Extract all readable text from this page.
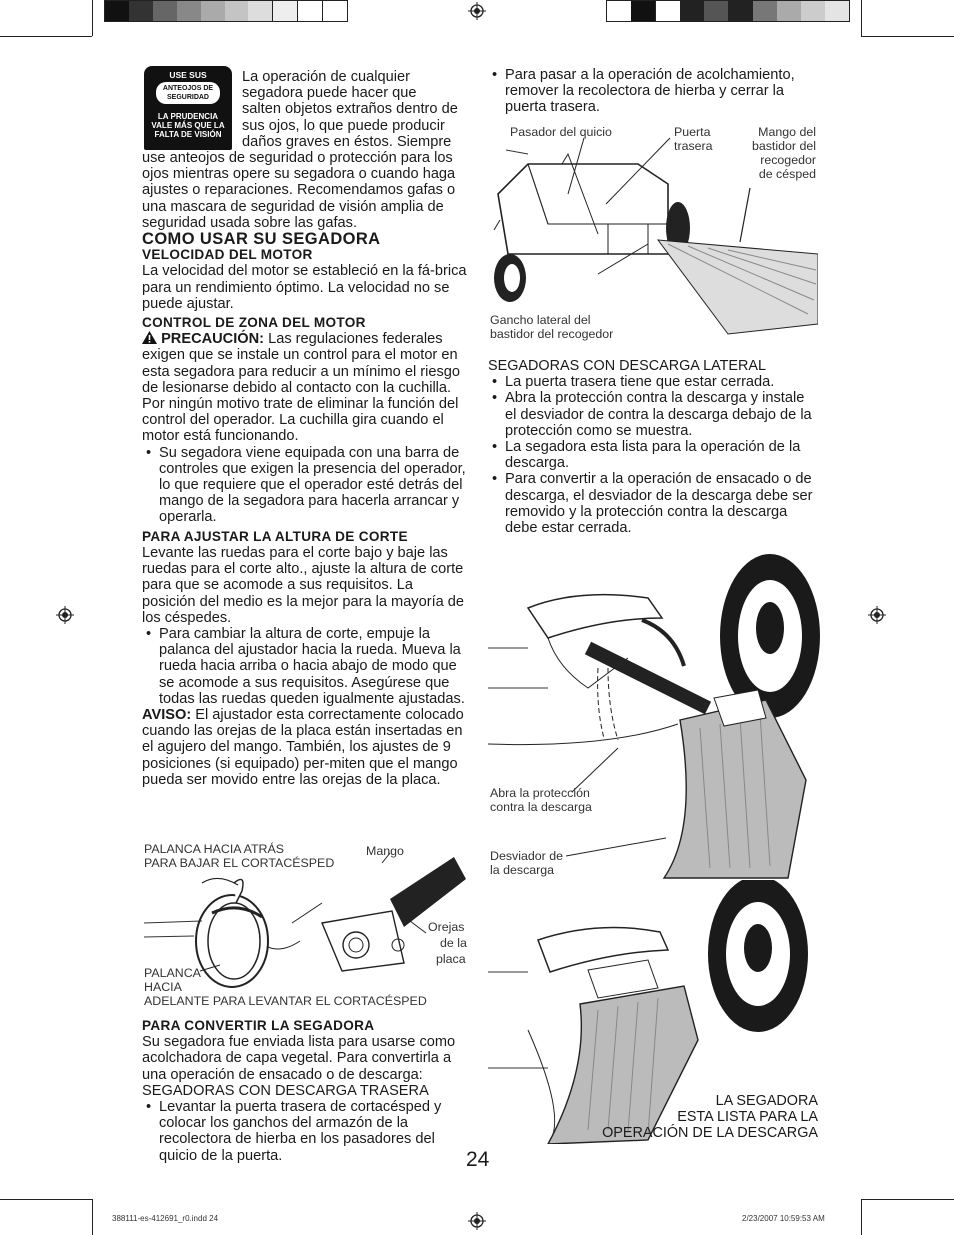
USE SUS
ANTEOJOS DE
SEGURIDAD
LA PRUDENCIA
VALE MÁS QUE LA
FALTA DE VISIÓN

La operación de cualquier

segadora puede hacer que

salten objetos extraños dentro de

sus ojos, lo que puede producir

daños graves en éstos. Siempre

use anteojos de seguridad o protección para los ojos mientras opere su segadora o cuando haga ajustes o reparaciones. Recomendamos gafas o una mascara de seguridad de visión amplia de seguridad usada sobre las gafas.

COMO USAR SU SEGADORA

VELOCIDAD DEL MOTOR

La velocidad del motor se estableció en la fá-brica para un rendimiento óptimo. La velocidad no se puede ajustar.

CONTROL DE ZONA DEL MOTOR

PRECAUCIÓN: Las regulaciones federales exigen que se instale un control para el motor en esta segadora para reducir a un mínimo el riesgo de lesionarse debido al contacto con la cuchilla. Por ningún motivo trate de eliminar la función del control del operador. La cuchilla gira cuando el motor está funcionando.

• Su segadora viene equipada con una barra de controles que exigen la presencia del operador, lo que requiere que el operador esté detrás del mango de la segadora para hacerla arrancar y operarla.

PARA AJUSTAR LA ALTURA DE CORTE

Levante las ruedas para el corte bajo y baje las ruedas para el corte alto., ajuste la altura de corte para que se acomode a sus requisitos. La posición del medio es la mejor para la mayoría de los céspedes.

• Para cambiar la altura de corte, empuje la palanca del ajustador hacia la rueda. Mueva la rueda hacia arriba o hacia abajo de modo que se acomode a sus requisitos. Asegúrese que todas las ruedas queden igualmente ajustadas.

AVISO: El ajustador esta correctamente colocado cuando las orejas de la placa están insertadas en el agujero del mango. También, los ajustes de 9 posiciones (si equipado) per-miten que el mango pueda ser movido entre las orejas de la placa.

PALANCA HACIA ATRÁS
PARA BAJAR EL CORTACÉSPED
Mango
Orejas
de la
placa
PALANCA
HACIA
ADELANTE PARA LEVANTAR EL CORTACÉSPED

PARA CONVERTIR LA SEGADORA

Su segadora fue enviada lista para usarse como acolchadora de capa vegetal. Para convertirla a una operación de ensacado o de descarga:

SEGADORAS CON DESCARGA TRASERA

• Levantar la puerta trasera de cortacésped y colocar los ganchos del armazón de la recolectora de hierba en los pasadores del quicio de la puerta.
• Para pasar a la operación de acolchamiento, remover la recolectora de hierba y cerrar la puerta trasera.
Pasador del quicio	Puerta
trasera
Mango del
bastidor del
recogedor
de césped
Gancho lateral del
bastidor del recogedor

SEGADORAS CON DESCARGA LATERAL

• La puerta trasera tiene que estar cerrada.
• Abra la protección contra la descarga y instale el desviador de contra la descarga debajo de la protección como se muestra.
• La segadora esta lista para la operación de la descarga.
• Para convertir a la operación de ensacado o de descarga, el desviador de la descarga debe ser removido y la protección contra la descarga debe estar cerrada.
Abra la protección
contra la descarga
Desviador de
la descarga
LA SEGADORA
ESTA LISTA PARA LA
OPERACIÓN DE LA DESCARGA
24
388111-es-412691_r0.indd 24	2/23/2007 10:59:53 AM
